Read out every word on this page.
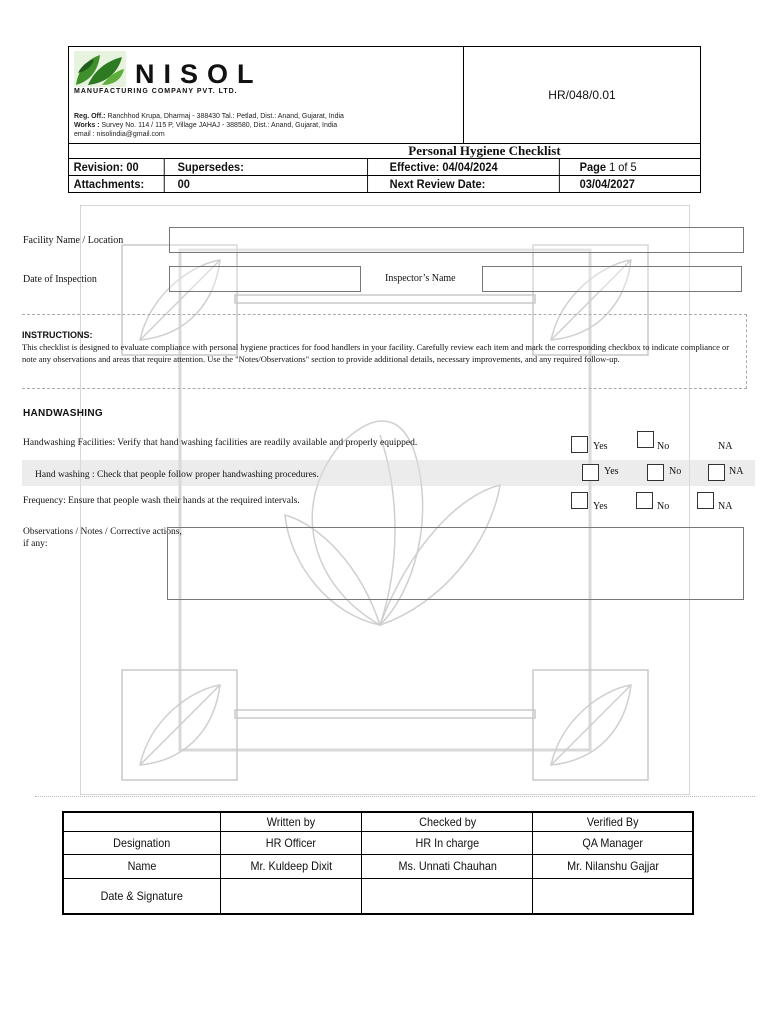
NISOL
MANUFACTURING COMPANY PVT. LTD.
Reg. Off.: Ranchhod Krupa, Dharmaj - 388430 Tal.: Petlad, Dist.: Anand, Gujarat, India
Works : Survey No. 114 / 115 P, Village JAHAJ - 388580, Dist.: Anand, Gujarat, India
email : nisolindia@gmail.com
HR/048/0.01
Personal Hygiene Checklist
Revision: 00	Supersedes:	Effective: 04/04/2024	Page 1 of 5
Attachments:	00	Next Review Date:	03/04/2027
Facility Name / Location
Date of Inspection	Inspector’s Name
INSTRUCTIONS:
This checklist is designed to evaluate compliance with personal hygiene practices for food handlers in your facility. Carefully review each item and mark the corresponding checkbox to indicate compliance or note any observations and areas that require attention. Use the "Notes/Observations" section to provide additional details, necessary improvements, and any required follow-up.
HANDWASHING
Handwashing Facilities: Verify that hand washing facilities are readily available and properly equipped.	Yes	No	NA
Hand washing : Check that people follow proper handwashing procedures.	Yes	No	NA
Frequency: Ensure that people wash their hands at the required intervals.	Yes	No	NA
Observations / Notes / Corrective actions, if any:
	Written by	Checked by	Verified By
Designation	HR Officer	HR In charge	QA Manager
Name	Mr. Kuldeep Dixit	Ms. Unnati Chauhan	Mr. Nilanshu Gajjar
Date & Signature			
